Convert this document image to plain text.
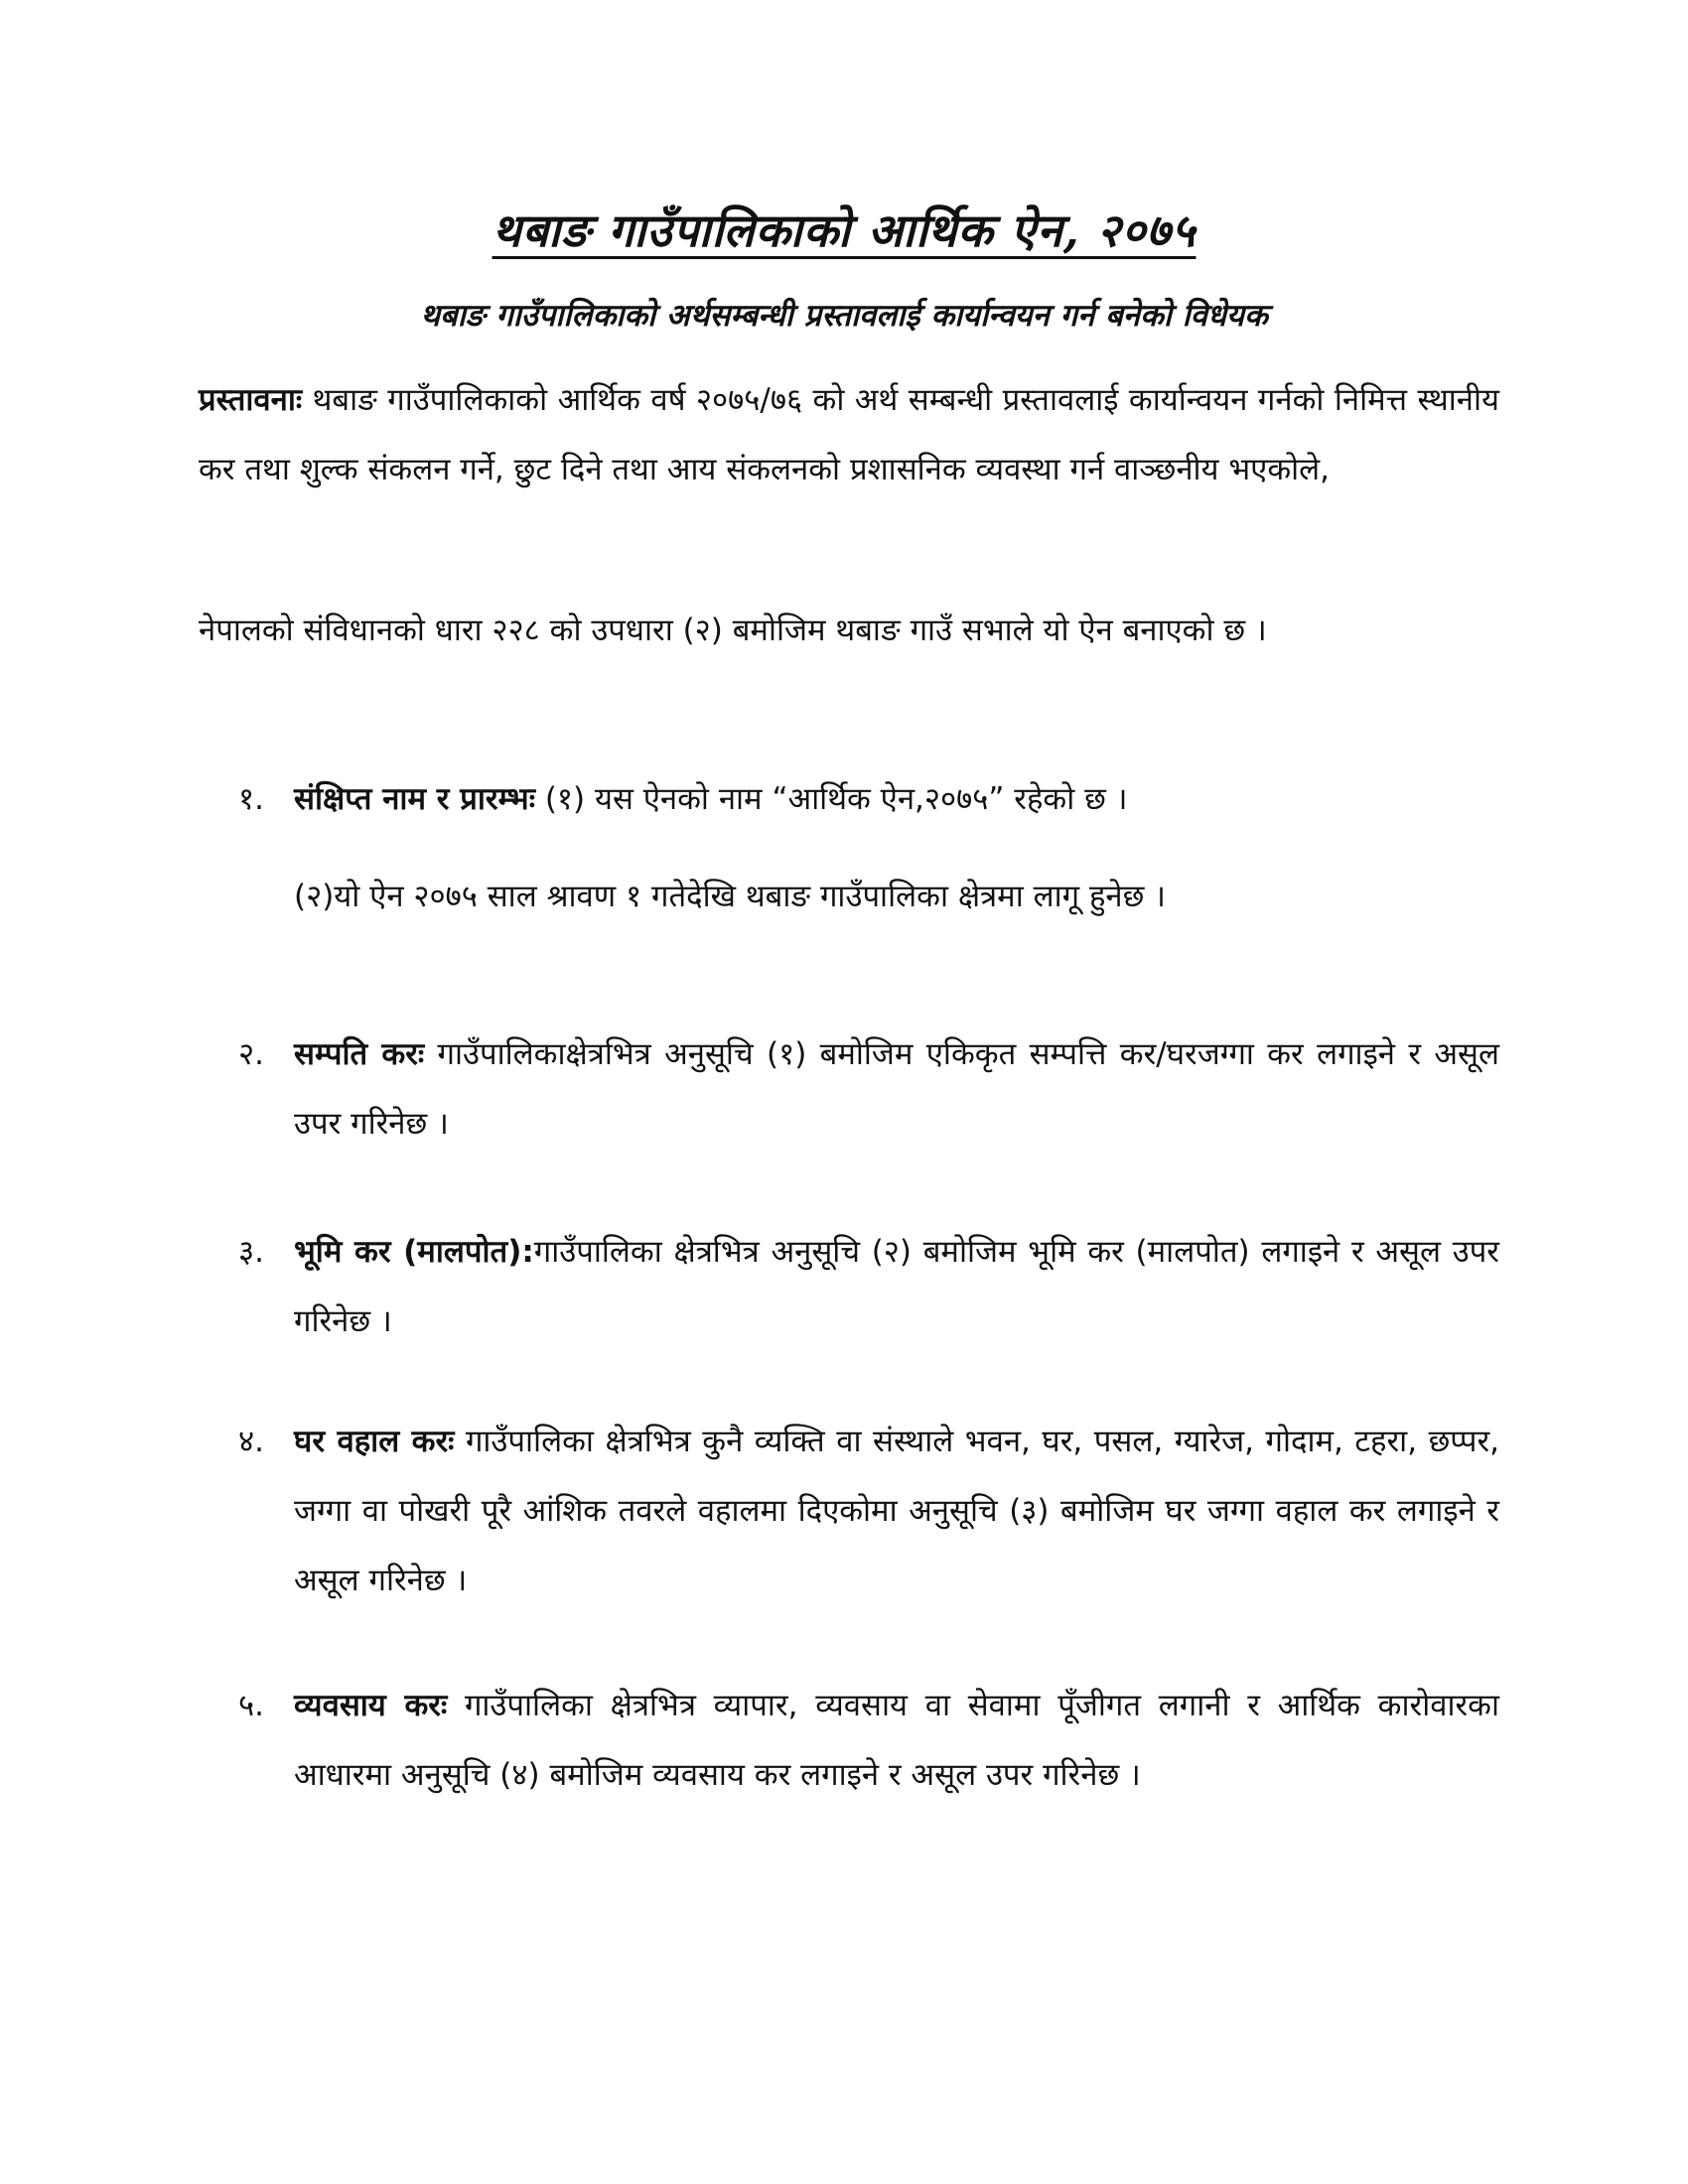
थबाङ गाउँपालिकाको आर्थिक ऐन, २०७५
थबाङ गाउँपालिकाको अर्थसम्बन्धी प्रस्तावलाई कार्यान्वयन गर्न बनेको विधेयक
प्रस्तावनाः थबाङ गाउँपालिकाको आर्थिक वर्ष २०७५/७६ को अर्थ सम्बन्धी प्रस्तावलाई कार्यान्वयन गर्नको निमित्त स्थानीय कर तथा शुल्क संकलन गर्ने, छुट दिने तथा आय संकलनको प्रशासनिक व्यवस्था गर्न वाञ्छनीय भएकोले,
नेपालको संविधानको धारा २२८ को उपधारा (२) बमोजिम थबाङ गाउँ सभाले यो ऐन बनाएको छ ।
१. संक्षिप्त नाम र प्रारम्भः (१) यस ऐनको नाम “आर्थिक ऐन,२०७५” रहेको छ ।
(२)यो ऐन २०७५ साल श्रावण १ गतेदेखि थबाङ गाउँपालिका क्षेत्रमा लागू हुनेछ ।
२. सम्पति करः गाउँपालिकाक्षेत्रभित्र अनुसूचि (१) बमोजिम एकिकृत सम्पत्ति कर/घरजग्गा कर लगाइने र असूल उपर गरिनेछ ।
३. भूमि कर (मालपोत):गाउँपालिका क्षेत्रभित्र अनुसूचि (२) बमोजिम भूमि कर (मालपोत) लगाइने र असूल उपर गरिनेछ ।
४. घर वहाल करः गाउँपालिका क्षेत्रभित्र कुनै व्यक्ति वा संस्थाले भवन, घर, पसल, ग्यारेज, गोदाम, टहरा, छप्पर, जग्गा वा पोखरी पूरै आंशिक तवरले वहालमा दिएकोमा अनुसूचि (३) बमोजिम घर जग्गा वहाल कर लगाइने र असूल गरिनेछ ।
५. व्यवसाय करः गाउँपालिका क्षेत्रभित्र व्यापार, व्यवसाय वा सेवामा पूँजीगत लगानी र आर्थिक कारोवारका आधारमा अनुसूचि (४) बमोजिम व्यवसाय कर लगाइने र असूल उपर गरिनेछ ।
